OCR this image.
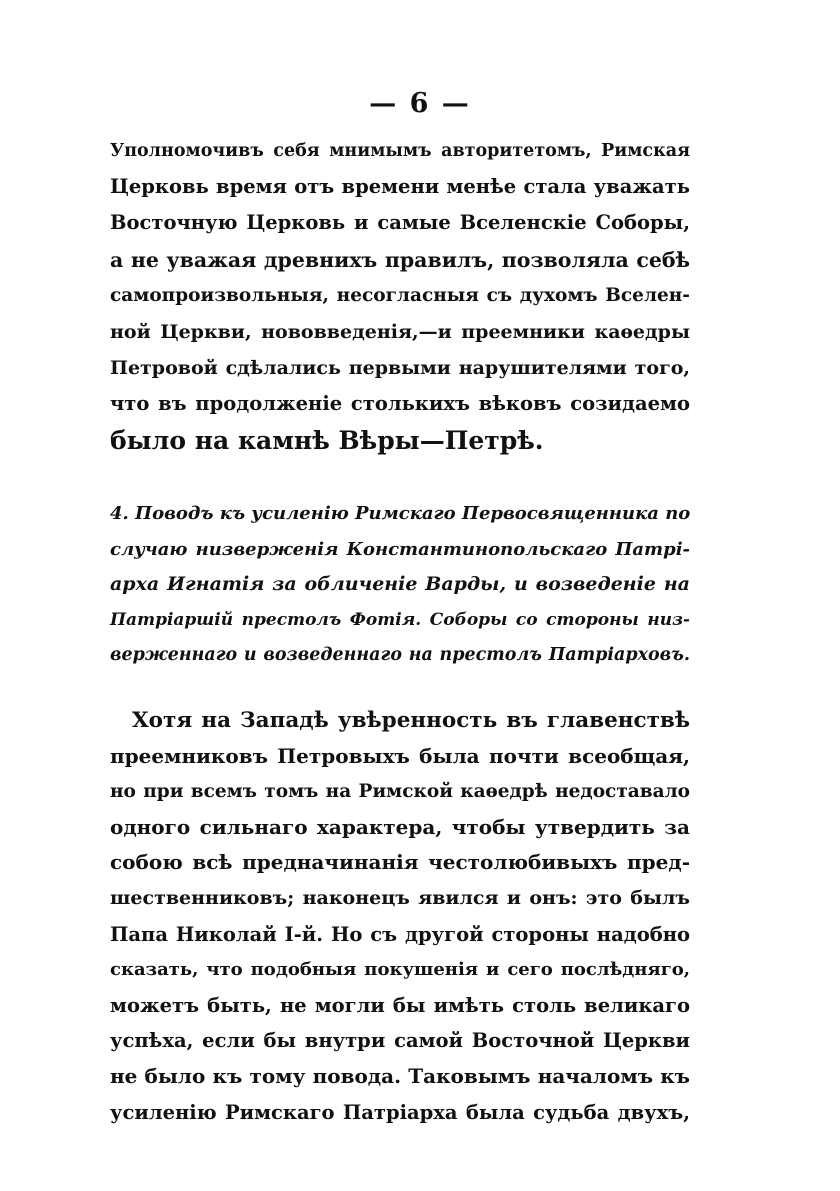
— 6 —
Уполномочивъ себя мнимымъ авторитетомъ, Римская
Церковь время отъ времени менѣе стала уважать
Восточную Церковь и самые Вселенскіе Соборы,
а не уважая древнихъ правилъ, позволяла себѣ
самопроизвольныя, несогласныя съ духомъ Вселен-
ной Церкви, нововведенія,—и преемники каѳедры
Петровой сдѣлались первыми нарушителями того,
что въ продолженіе столькихъ вѣковъ созидаемо
было на камнѣ Вѣры—Петрѣ.
4. Поводъ къ усиленію Римскаго Первосвященника по
случаю низверженія Константинопольскаго Патрі-
арха Игнатія за обличеніе Варды, и возведеніе на
Патріаршій престолъ Фотія. Соборы со стороны низ-
верженнаго и возведеннаго на престолъ Патріарховъ.
Хотя на Западѣ увѣренность въ главенствѣ
преемниковъ Петровыхъ была почти всеобщая,
но при всемъ томъ на Римской каѳедрѣ недоставало
одного сильнаго характера, чтобы утвердить за
собою всѣ предначинанія честолюбивыхъ пред-
шественниковъ; наконецъ явился и онъ: это былъ
Папа Николай І-й. Но съ другой стороны надобно
сказать, что подобныя покушенія и сего послѣдняго,
можетъ быть, не могли бы имѣть столь великаго
успѣха, если бы внутри самой Восточной Церкви
не было къ тому повода. Таковымъ началомъ къ
усиленію Римскаго Патріарха была судьба двухъ,
